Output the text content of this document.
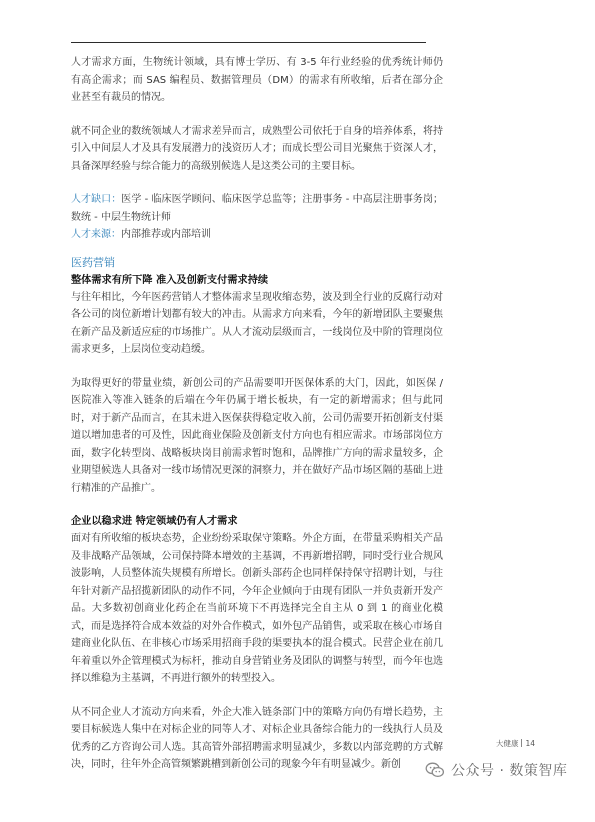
人才需求方面，生物统计领域，具有博士学历、有 3-5 年行业经验的优秀统计师仍有高企需求；而 SAS 编程员、数据管理员（DM）的需求有所收缩，后者在部分企业甚至有裁员的情况。

就不同企业的数统领域人才需求差异而言，成熟型公司依托于自身的培养体系，将持引入中间层人才及具有发展潜力的浅资历人才；而成长型公司目光聚焦于资深人才，具备深厚经验与综合能力的高级别候选人是这类公司的主要目标。

人才缺口：医学 - 临床医学顾问、临床医学总监等；注册事务 - 中高层注册事务岗；数统 - 中层生物统计师

人才来源：内部推荐或内部培训

医药营销
整体需求有所下降 准入及创新支付需求持续

与往年相比，今年医药营销人才整体需求呈现收缩态势，波及到全行业的反腐行动对各公司的岗位新增计划都有较大的冲击。从需求方向来看，今年的新增团队主要聚焦在新产品及新适应症的市场推广。从人才流动层级而言，一线岗位及中阶的管理岗位需求更多，上层岗位变动趋缓。

为取得更好的带量业绩，新创公司的产品需要叩开医保体系的大门，因此，如医保 / 医院准入等准入链条的后端在今年仍属于增长板块，有一定的新增需求；但与此同时，对于新产品而言，在其未进入医保获得稳定收入前，公司仍需要开拓创新支付渠道以增加患者的可及性，因此商业保险及创新支付方向也有相应需求。市场部岗位方面，数字化转型岗、战略板块岗目前需求暂时饱和，品牌推广方向的需求量较多，企业期望候选人具备对一线市场情况更深的洞察力，并在做好产品市场区隔的基础上进行精准的产品推广。

企业以稳求进 特定领域仍有人才需求

面对有所收缩的板块态势，企业纷纷采取保守策略。外企方面，在带量采购相关产品及非战略产品领域，公司保持降本增效的主基调，不再新增招聘，同时受行业合规风波影响，人员整体流失规模有所增长。创新头部药企也同样保持保守招聘计划，与往年针对新产品招揽新团队的动作不同，今年企业倾向于由现有团队一并负责新开发产品。大多数初创商业化药企在当前环境下不再选择完全自主从 0 到 1 的商业化模式，而是选择符合成本效益的对外合作模式，如外包产品销售，或采取在核心市场自建商业化队伍、在非核心市场采用招商手段的渠要执本的混合模式。民营企业在前几年着重以外企管理模式为标杆，推动自身营销业务及团队的调整与转型，而今年也选择以维稳为主基调，不再进行额外的转型投入。

从不同企业人才流动方向来看，外企大准入链条部门中的策略方向仍有增长趋势，主要目标候选人集中在对标企业的同等人才、对标企业具备综合能力的一线执行人员及优秀的乙方咨询公司人选。其高管外部招聘需求明显减少，多数以内部竞聘的方式解决，同时，往年外企高管频繁跳槽到新创公司的现象今年有明显减少。新创

大健康 14
公众号 · 数策智库
